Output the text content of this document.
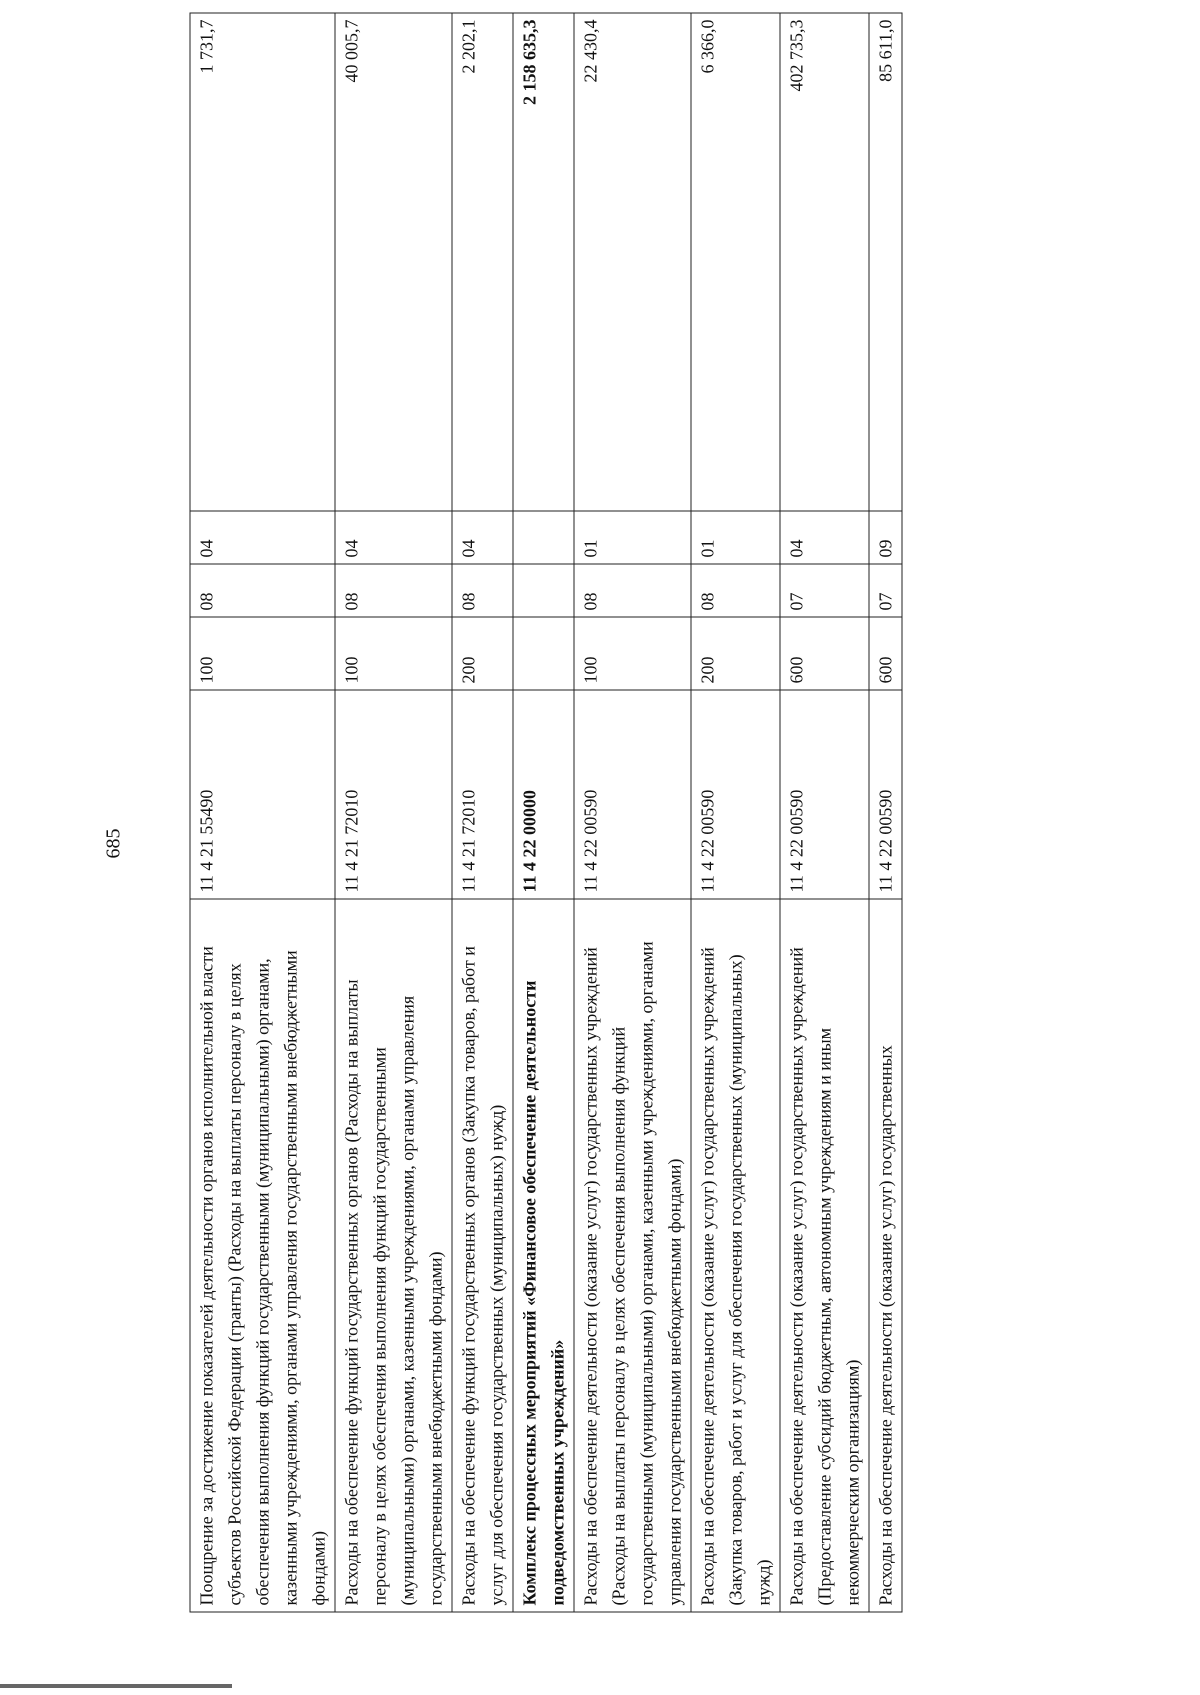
685
Поощрение за достижение показателей деятельности органов исполнительной власти субъектов Российской Федерации (гранты) (Расходы на выплаты персоналу в целях обеспечения выполнения функций государственными (муниципальными) органами, казенными учреждениями, органами управления государственными внебюджетными фондами)	11 4 21 55490	100	08	04	1 731,7
Расходы на обеспечение функций государственных органов (Расходы на выплаты персоналу в целях обеспечения выполнения функций государственными (муниципальными) органами, казенными учреждениями, органами управления государственными внебюджетными фондами)	11 4 21 72010	100	08	04	40 005,7
Расходы на обеспечение функций государственных органов (Закупка товаров, работ и услуг для обеспечения государственных (муниципальных) нужд)	11 4 21 72010	200	08	04	2 202,1
Комплекс процессных мероприятий «Финансовое обеспечение деятельности подведомственных учреждений»	11 4 22 00000				2 158 635,3
Расходы на обеспечение деятельности (оказание услуг) государственных учреждений (Расходы на выплаты персоналу в целях обеспечения выполнения функций государственными (муниципальными) органами, казенными учреждениями, органами управления государственными внебюджетными фондами)	11 4 22 00590	100	08	01	22 430,4
Расходы на обеспечение деятельности (оказание услуг) государственных учреждений (Закупка товаров, работ и услуг для обеспечения государственных (муниципальных) нужд)	11 4 22 00590	200	08	01	6 366,0
Расходы на обеспечение деятельности (оказание услуг) государственных учреждений (Предоставление субсидий бюджетным, автономным учреждениям и иным некоммерческим организациям)	11 4 22 00590	600	07	04	402 735,3
Расходы на обеспечение деятельности (оказание услуг) государственных	11 4 22 00590	600	07	09	85 611,0
